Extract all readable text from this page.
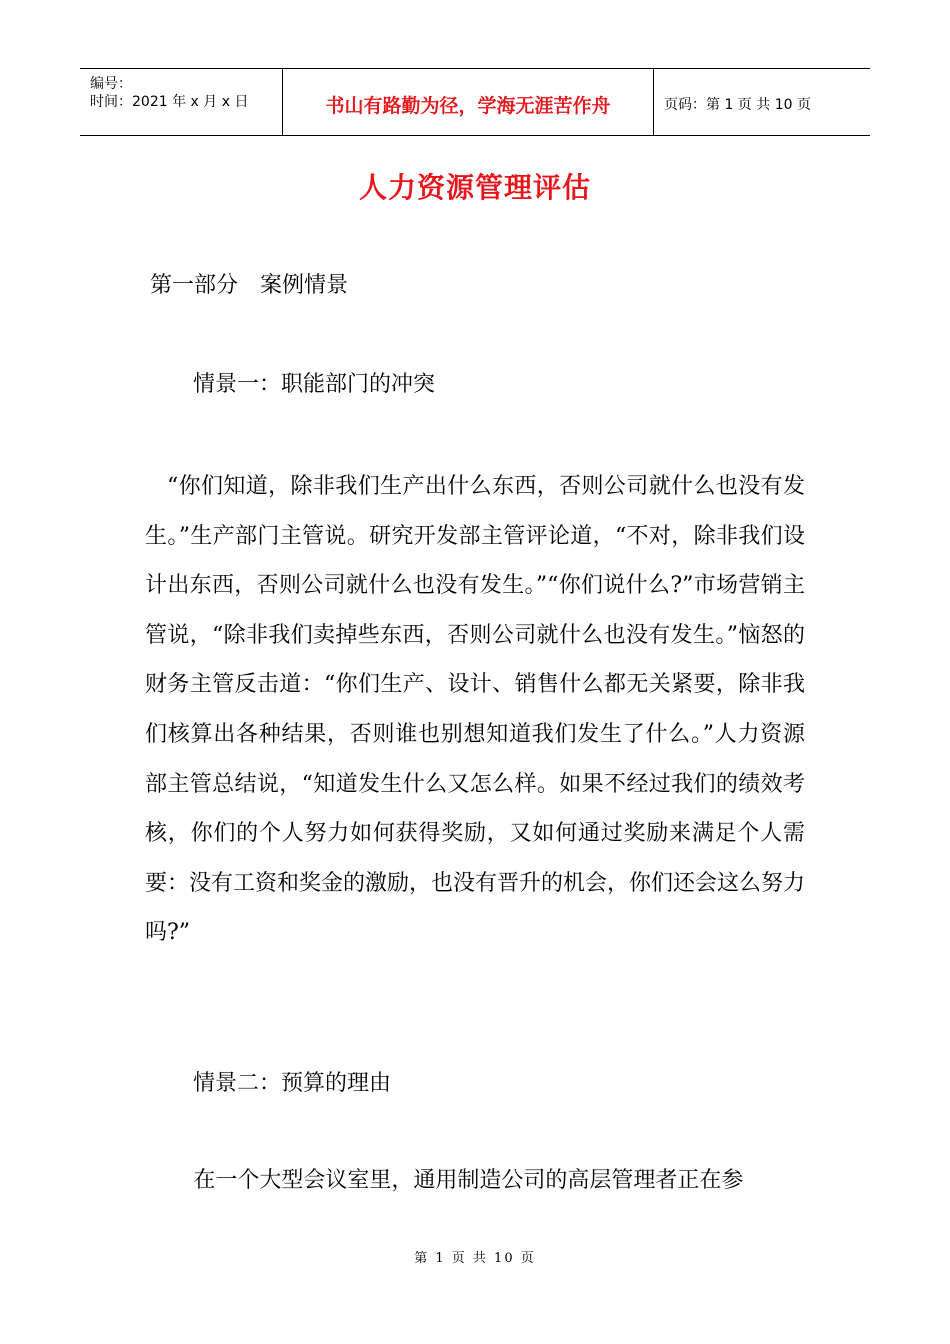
编号：
时间：2021 年 x 月 x 日	书山有路勤为径，学海无涯苦作舟	页码：第 1 页 共 10 页
人力资源管理评估
第一部分 案例情景
情景一：职能部门的冲突

“你们知道，除非我们生产出什么东西，否则公司就什么也没有发生。”生产部门主管说。研究开发部主管评论道，“不对，除非我们设计出东西，否则公司就什么也没有发生。”“你们说什么?”市场营销主管说，“除非我们卖掉些东西，否则公司就什么也没有发生。”恼怒的财务主管反击道：“你们生产、设计、销售什么都无关紧要，除非我们核算出各种结果，否则谁也别想知道我们发生了什么。”人力资源部主管总结说，“知道发生什么又怎么样。如果不经过我们的绩效考核，你们的个人努力如何获得奖励，又如何通过奖励来满足个人需要：没有工资和奖金的激励，也没有晋升的机会，你们还会这么努力吗?”

情景二：预算的理由

在一个大型会议室里，通用制造公司的高层管理者正在参

第 1 页 共 10 页
